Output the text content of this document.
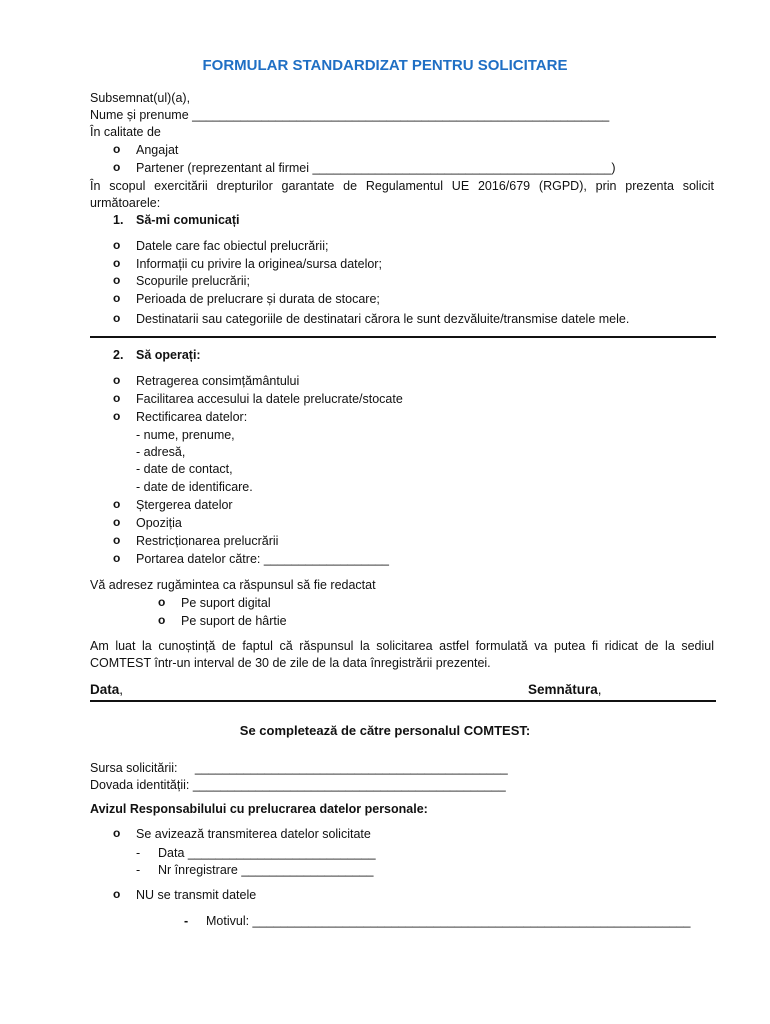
FORMULAR STANDARDIZAT PENTRU SOLICITARE
Subsemnat(ul)(a),
Nume și prenume ____________________________________________________________
În calitate de
o Angajat
o Partener (reprezentant al firmei ___________________________________________)
În scopul exercitării drepturilor garantate de Regulamentul UE 2016/679 (RGPD), prin prezenta solicit următoarele:
1. Să-mi comunicați
o Datele care fac obiectul prelucrării;
o Informații cu privire la originea/sursa datelor;
o Scopurile prelucrării;
o Perioada de prelucrare și durata de stocare;
o Destinatarii sau categoriile de destinatari cărora le sunt dezvăluite/transmise datele mele.
2. Să operați:
o Retragerea consimțământului
o Facilitarea accesului la datele prelucrate/stocate
o Rectificarea datelor:
- nume, prenume,
- adresă,
- date de contact,
- date de identificare.
o Ștergerea datelor
o Opoziția
o Restricționarea prelucrării
o Portarea datelor către: __________________
Vă adresez rugămintea ca răspunsul să fie redactat
o Pe suport digital
o Pe suport de hârtie
Am luat la cunoștință de faptul că răspunsul la solicitarea astfel formulată va putea fi ridicat de la sediul COMTEST într-un interval de 30 de zile de la data înregistrării prezentei.
Data,	Semnătura,
Se completează de către personalul COMTEST:
Sursa solicitării:     _____________________________________________
Dovada identității: _____________________________________________
Avizul Responsabilului cu prelucrarea datelor personale:
o Se avizează transmiterea datelor solicitate
- Data ___________________________
- Nr înregistrare ___________________
o NU se transmit datele
- Motivul: _______________________________________________________________
